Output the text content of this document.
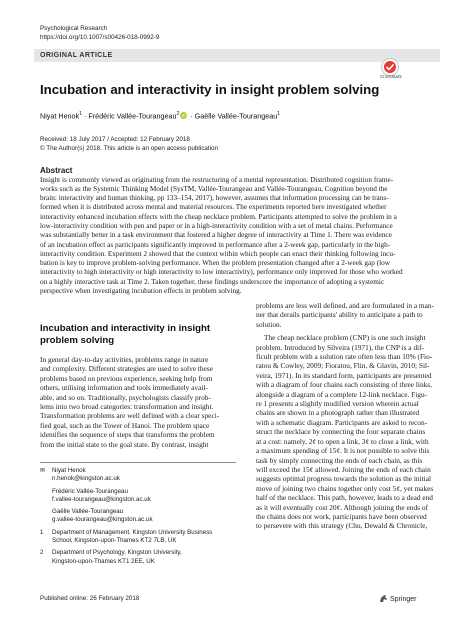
Psychological Research
https://doi.org/10.1007/s00426-018-0992-9
ORIGINAL ARTICLE
CrossMark
Incubation and interactivity in insight problem solving
Niyat Henok$^1$ · Frédéric Vallée-Tourangeau$^2$ iD · Gaëlle Vallée-Tourangeau$^1$
Received: 18 July 2017 / Accepted: 12 February 2018
© The Author(s) 2018. This article is an open access publication
Abstract
Insight is commonly viewed as originating from the restructuring of a mental representation. Distributed cognition frame-
works such as the Systemic Thinking Model (SysTM, Vallée-Tourangeau and Vallée-Tourangeau, Cognition beyond the
brain: interactivity and human thinking, pp 133–154, 2017), however, assumes that information processing can be trans-
formed when it is distributed across mental and material resources. The experiments reported here investigated whether
interactivity enhanced incubation effects with the cheap necklace problem. Participants attempted to solve the problem in a
low-interactivity condition with pen and paper or in a high-interactivity condition with a set of metal chains. Performance
was substantially better in a task environment that fostered a higher degree of interactivity at Time 1. There was evidence
of an incubation effect as participants significantly improved in performance after a 2-week gap, particularly in the high-
interactivity condition. Experiment 2 showed that the context within which people can enact their thinking following incu-
bation is key to improve problem-solving performance. When the problem presentation changed after a 2-week gap (low
interactivity to high interactivity or high interactivity to low interactivity), performance only improved for those who worked
on a highly interactive task at Time 2. Taken together, these findings underscore the importance of adopting a systemic
perspective when investigating incubation effects in problem solving.
Incubation and interactivity in insight
problem solving
In general day-to-day activities, problems range in nature
and complexity. Different strategies are used to solve these
problems based on previous experience, seeking help from
others, utilising information and tools immediately avail-
able, and so on. Traditionally, psychologists classify prob-
lems into two broad categories: transformation and insight.
Transformation problems are well defined with a clear speci-
fied goal, such as the Tower of Hanoi. The problem space
identifies the sequence of steps that transforms the problem
from the initial state to the goal state. By contrast, insight
✉ Niyat Henok
n.henok@kingston.ac.uk
Frédéric Vallée-Tourangeau
f.vallee-tourangeau@kingston.ac.uk
Gaëlle Vallée-Tourangeau
g.vallee-tourangeau@kingston.ac.uk
1 Department of Management, Kingston University Business
School, Kingston-upon-Thames KT2 7LB, UK
2 Department of Psychology, Kingston University,
Kingston-upon-Thames KT1 2EE, UK
problems are less well defined, and are formulated in a man-
ner that derails participants' ability to anticipate a path to
solution.
The cheap necklace problem (CNP) is one such insight
problem. Introduced by Silveira (1971), the CNP is a dif-
ficult problem with a solution rate often less than 10% (Fio-
ratou & Cowley, 2009; Fioratou, Flin, & Glavin, 2010; Sil-
veira, 1971). In its standard form, participants are presented
with a diagram of four chains each consisting of three links,
alongside a diagram of a complete 12-link necklace. Figu-
re 1 presents a slightly modified version wherein actual
chains are shown in a photograph rather than illustrated
with a schematic diagram. Participants are asked to recon-
struct the necklace by connecting the four separate chains
at a cost: namely, 2¢ to open a link, 3¢ to close a link, with
a maximum spending of 15¢. It is not possible to solve this
task by simply connecting the ends of each chain, as this
will exceed the 15¢ allowed. Joining the ends of each chain
suggests optimal progress towards the solution as the initial
move of joining two chains together only cost 5¢, yet makes
half of the necklace. This path, however, leads to a dead end
as it will eventually cost 20¢. Although joining the ends of
the chains does not work, participants have been observed
to persevere with this strategy (Chu, Dewald & Chronicle,
Published online: 26 February 2018	Springer
